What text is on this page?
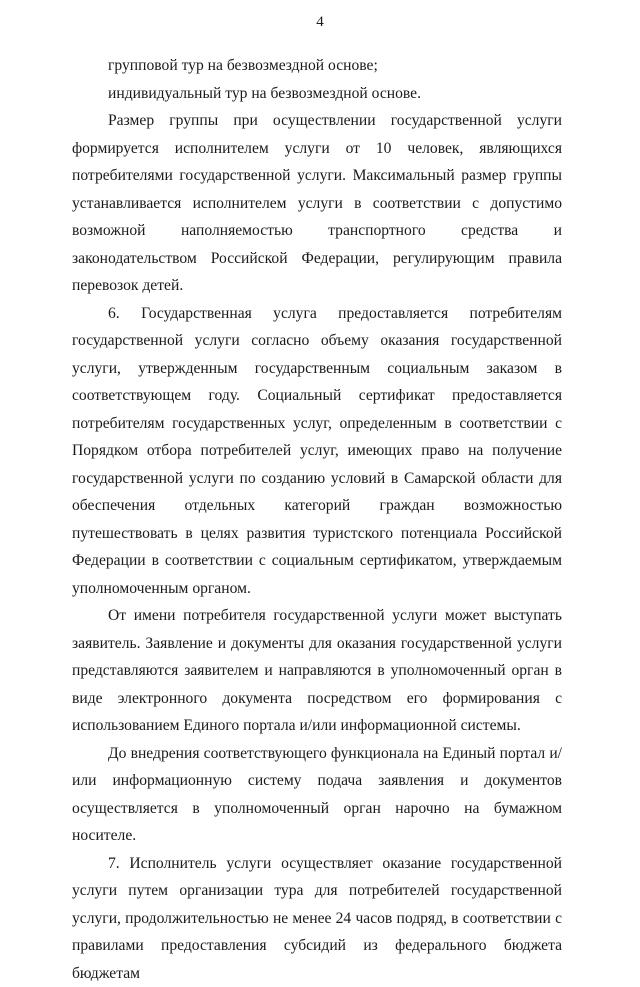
4

групповой тур на безвозмездной основе;

индивидуальный тур на безвозмездной основе.

Размер группы при осуществлении государственной услуги формируется исполнителем услуги от 10 человек, являющихся потребителями государственной услуги. Максимальный размер группы устанавливается исполнителем услуги в соответствии с допустимо возможной наполняемостью транспортного средства и законодательством Российской Федерации, регулирующим правила перевозок детей.

6. Государственная услуга предоставляется потребителям государственной услуги согласно объему оказания государственной услуги, утвержденным государственным социальным заказом в соответствующем году. Социальный сертификат предоставляется потребителям государственных услуг, определенным в соответствии с Порядком отбора потребителей услуг, имеющих право на получение государственной услуги по созданию условий в Самарской области для обеспечения отдельных категорий граждан возможностью путешествовать в целях развития туристского потенциала Российской Федерации в соответствии с социальным сертификатом, утверждаемым уполномоченным органом.

От имени потребителя государственной услуги может выступать заявитель. Заявление и документы для оказания государственной услуги представляются заявителем и направляются в уполномоченный орган в виде электронного документа посредством его формирования с использованием Единого портала и/или информационной системы.

До внедрения соответствующего функционала на Единый портал и/или информационную систему подача заявления и документов осуществляется в уполномоченный орган нарочно на бумажном носителе.

7. Исполнитель услуги осуществляет оказание государственной услуги путем организации тура для потребителей государственной услуги, продолжительностью не менее 24 часов подряд, в соответствии с правилами предоставления субсидий из федерального бюджета бюджетам
